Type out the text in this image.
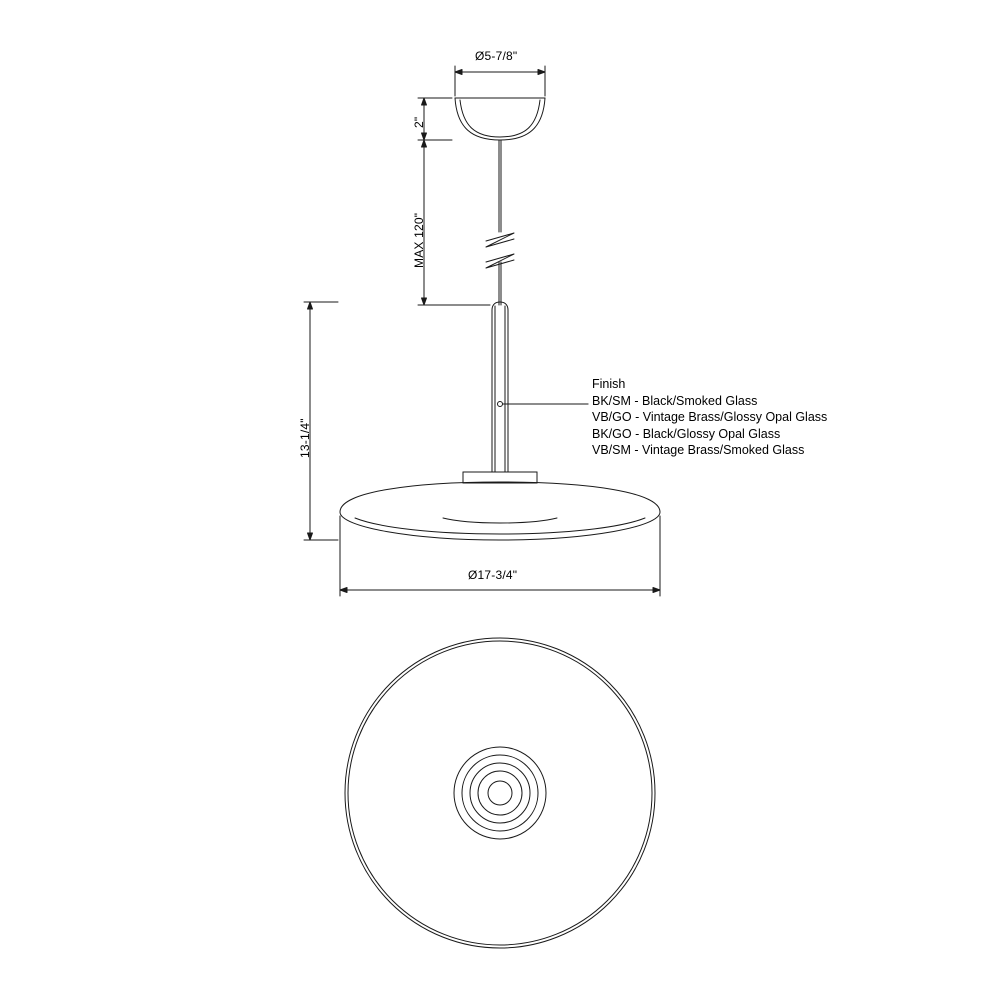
Ø5-7/8"
2"
MAX 120"
13-1/4"
Ø17-3/4"
Finish
BK/SM - Black/Smoked Glass
VB/GO - Vintage Brass/Glossy Opal Glass
BK/GO - Black/Glossy Opal Glass
VB/SM - Vintage Brass/Smoked Glass
